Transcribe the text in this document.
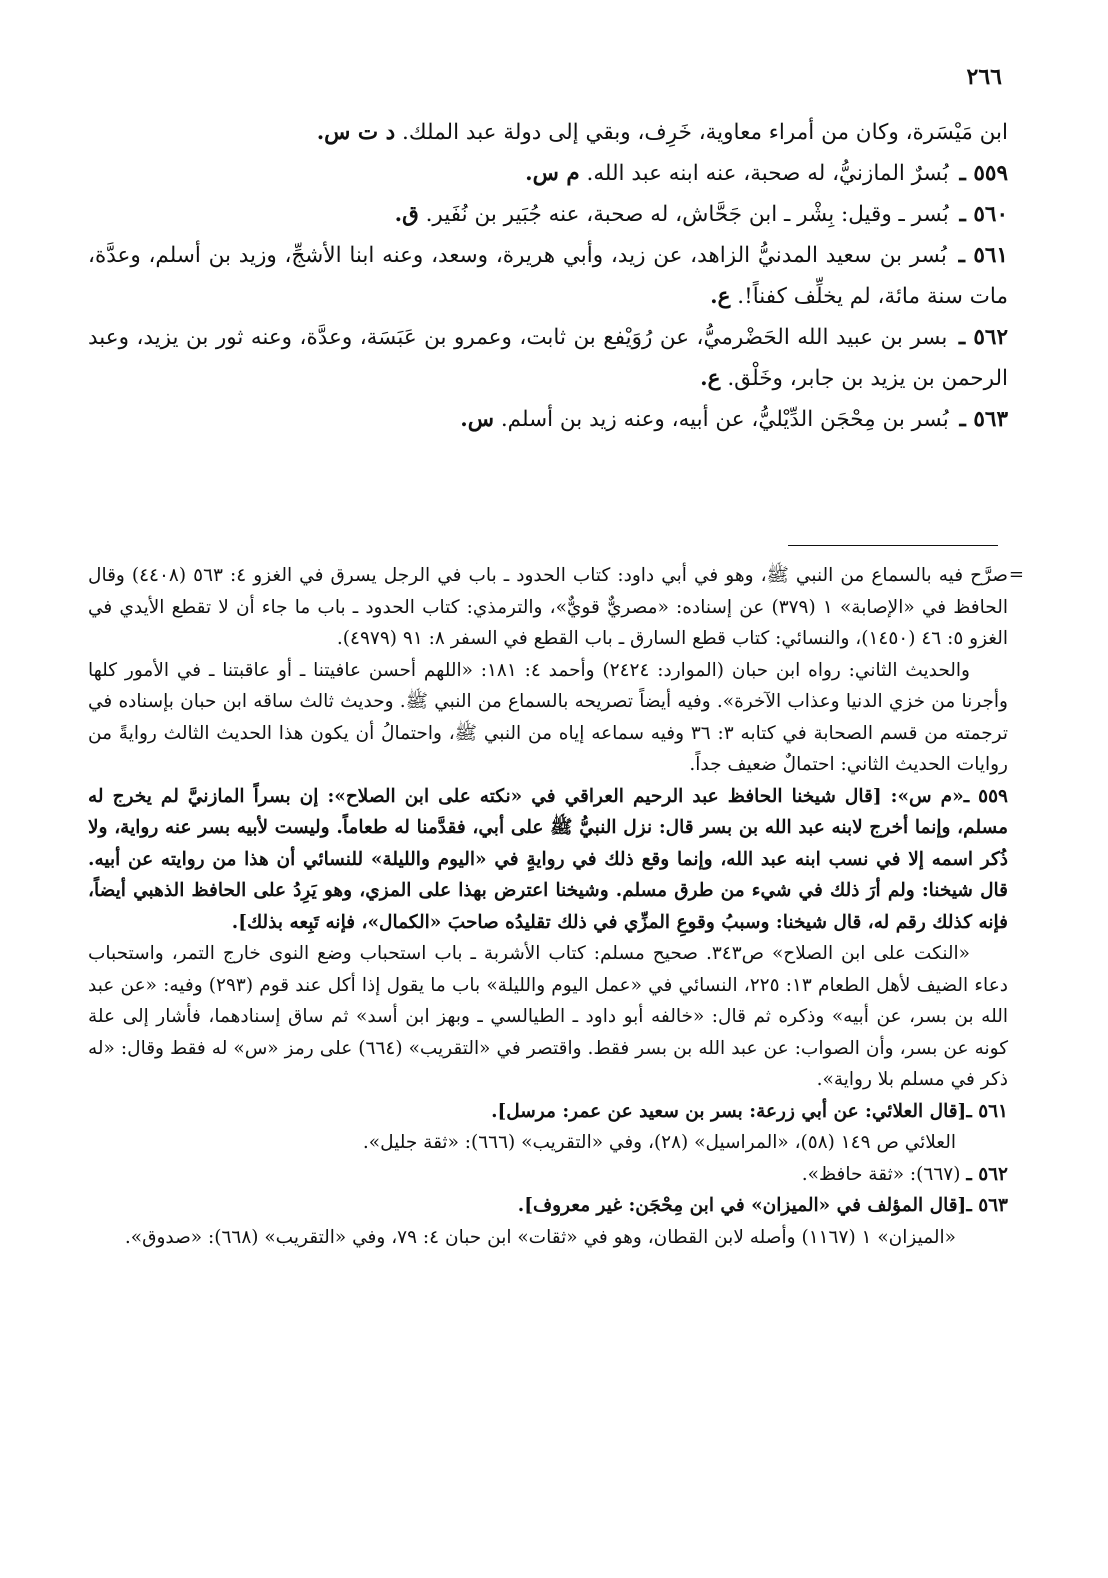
٢٦٦

ابن مَيْسَرة، وكان من أمراء معاوية، خَرِف، وبقي إلى دولة عبد الملك. د ت س.

٥٥٩ ـ بُسرٌ المازنيُّ، له صحبة، عنه ابنه عبد الله. م س.

٥٦٠ ـ بُسر ـ وقيل: بِشْر ـ ابن جَحَّاش، له صحبة، عنه جُبَير بن نُفَير. ق.

٥٦١ ـ بُسر بن سعيد المدنيُّ الزاهد، عن زيد، وأبي هريرة، وسعد، وعنه ابنا الأشجِّ، وزيد بن أسلم، وعدَّة، مات سنة مائة، لم يخلِّف كفناً!. ع.

٥٦٢ ـ بسر بن عبيد الله الحَضْرميُّ، عن رُوَيْفع بن ثابت، وعمرو بن عَبَسَة، وعدَّة، وعنه ثور بن يزيد، وعبد الرحمن بن يزيد بن جابر، وخَلْق. ع.

٥٦٣ ـ بُسر بن مِحْجَن الدِّيْليُّ، عن أبيه، وعنه زيد بن أسلم. س.

=

صرَّح فيه بالسماع من النبي ﷺ، وهو في أبي داود: كتاب الحدود ـ باب في الرجل يسرق في الغزو ٤: ٥٦٣ (٤٤٠٨) وقال الحافظ في «الإصابة» ١ (٣٧٩) عن إسناده: «مصريٌّ قويٌّ»، والترمذي: كتاب الحدود ـ باب ما جاء أن لا تقطع الأيدي في الغزو ٥: ٤٦ (١٤٥٠)، والنسائي: كتاب قطع السارق ـ باب القطع في السفر ٨: ٩١ (٤٩٧٩).

والحديث الثاني: رواه ابن حبان (الموارد: ٢٤٢٤) وأحمد ٤: ١٨١: «اللهم أحسن عافيتنا ـ أو عاقبتنا ـ في الأمور كلها وأجرنا من خزي الدنيا وعذاب الآخرة». وفيه أيضاً تصريحه بالسماع من النبي ﷺ. وحديث ثالث ساقه ابن حبان بإسناده في ترجمته من قسم الصحابة في كتابه ٣: ٣٦ وفيه سماعه إياه من النبي ﷺ، واحتمالُ أن يكون هذا الحديث الثالث روايةً من روايات الحديث الثاني: احتمالٌ ضعيف جداً.

٥٥٩ ـ«م س»: [قال شيخنا الحافظ عبد الرحيم العراقي في «نكته على ابن الصلاح»: إن بسراً المازنيَّ لم يخرج له مسلم، وإنما أخرج لابنه عبد الله بن بسر قال: نزل النبيُّ ﷺ على أبي، فقدَّمنا له طعاماً. وليست لأبيه بسر عنه رواية، ولا ذُكر اسمه إلا في نسب ابنه عبد الله، وإنما وقع ذلك في روايةٍ في «اليوم والليلة» للنسائي أن هذا من روايته عن أبيه. قال شيخنا: ولم أرَ ذلك في شيء من طرق مسلم. وشيخنا اعترض بهذا على المزي، وهو يَرِدُ على الحافظ الذهبي أيضاً، فإنه كذلك رقم له، قال شيخنا: وسببُ وقوعِ المزِّي في ذلك تقليدُه صاحبَ «الكمال»، فإنه تَبِعه بذلك].

«النكت على ابن الصلاح» ص٣٤٣. صحيح مسلم: كتاب الأشربة ـ باب استحباب وضع النوى خارج التمر، واستحباب دعاء الضيف لأهل الطعام ١٣: ٢٢٥، النسائي في «عمل اليوم والليلة» باب ما يقول إذا أكل عند قوم (٢٩٣) وفيه: «عن عبد الله بن بسر، عن أبيه» وذكره ثم قال: «خالفه أبو داود ـ الطيالسي ـ وبهز ابن أسد» ثم ساق إسنادهما، فأشار إلى علة كونه عن بسر، وأن الصواب: عن عبد الله بن بسر فقط. واقتصر في «التقريب» (٦٦٤) على رمز «س» له فقط وقال: «له ذكر في مسلم بلا رواية».

٥٦١ ـ[قال العلائي: عن أبي زرعة: بسر بن سعيد عن عمر: مرسل].

العلائي ص ١٤٩ (٥٨)، «المراسيل» (٢٨)، وفي «التقريب» (٦٦٦): «ثقة جليل».

٥٦٢ ـ (٦٦٧): «ثقة حافظ».

٥٦٣ ـ[قال المؤلف في «الميزان» في ابن مِحْجَن: غير معروف].

«الميزان» ١ (١١٦٧) وأصله لابن القطان، وهو في «ثقات» ابن حبان ٤: ٧٩، وفي «التقريب» (٦٦٨): «صدوق».
